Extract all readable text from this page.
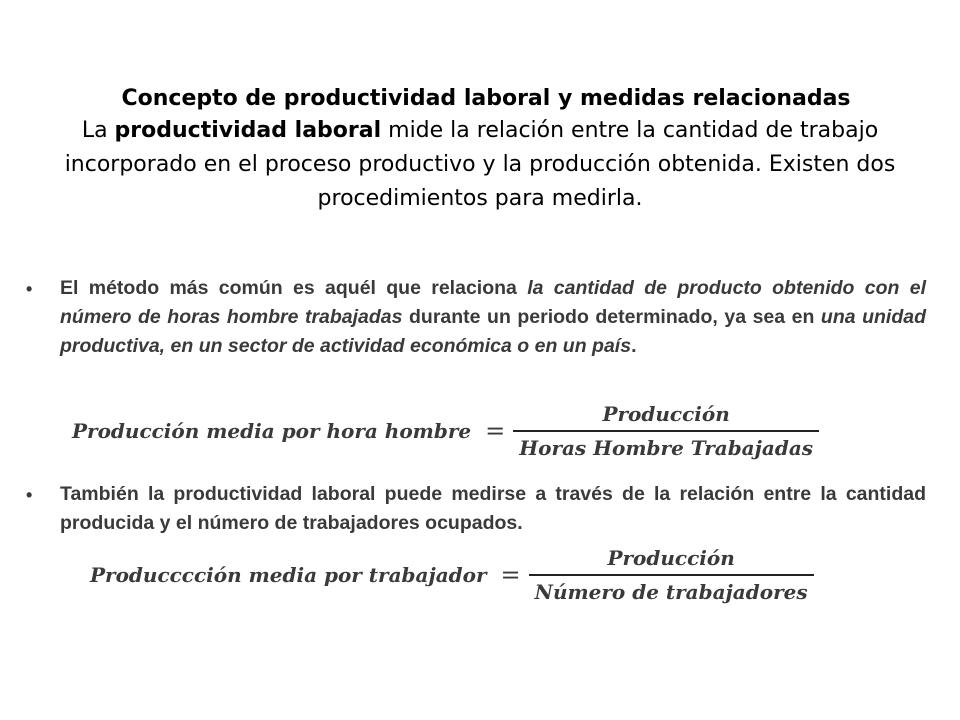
Concepto de productividad laboral y medidas relacionadas
La productividad laboral mide la relación entre la cantidad de trabajo incorporado en el proceso productivo y la producción obtenida. Existen dos procedimientos para medirla.
• El método más común es aquél que relaciona la cantidad de producto obtenido con el número de horas hombre trabajadas durante un periodo determinado, ya sea en una unidad productiva, en un sector de actividad económica o en un país.
Producción media por hora hombre = $\frac{\text{Producción}}{\text{Horas Hombre Trabajadas}}$
• También la productividad laboral puede medirse a través de la relación entre la cantidad producida y el número de trabajadores ocupados.
Producccción media por trabajador = $\frac{\text{Producción}}{\text{Número de trabajadores}}$
